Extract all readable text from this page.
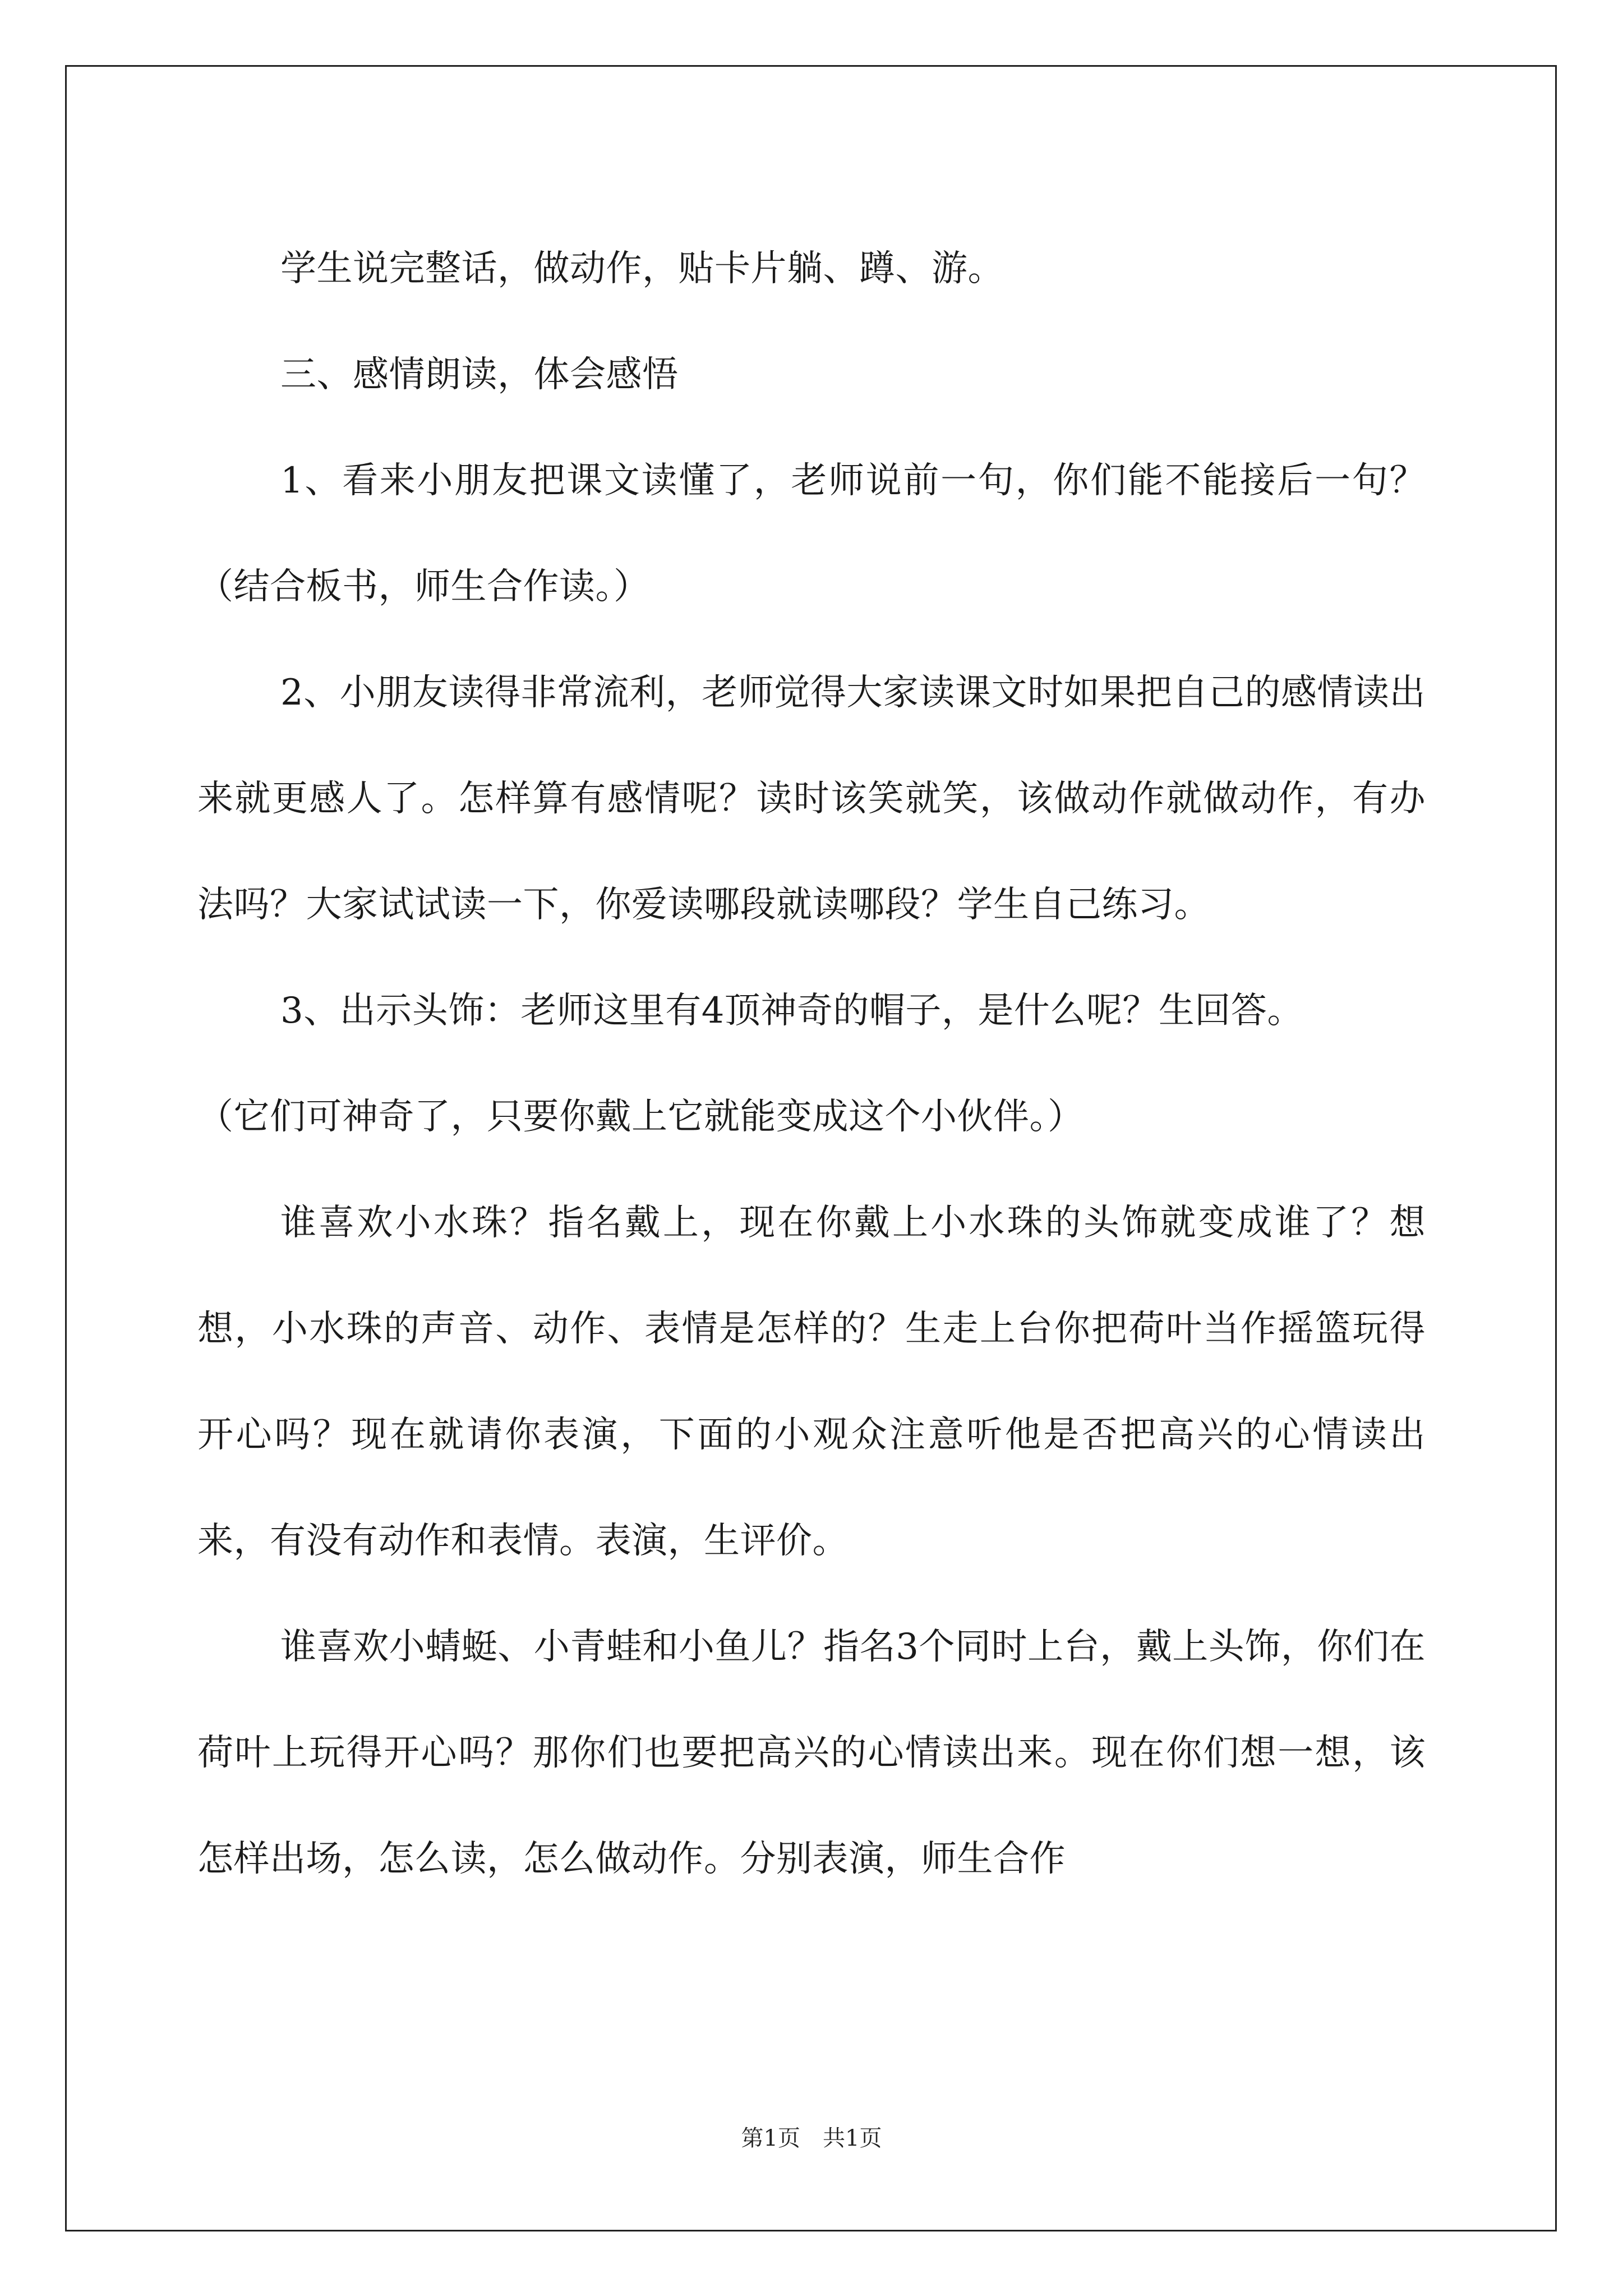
学生说完整话，做动作，贴卡片躺、蹲、游。

三、感情朗读，体会感悟

1、看来小朋友把课文读懂了，老师说前一句，你们能不能接后一句？（结合板书，师生合作读。）

2、小朋友读得非常流利，老师觉得大家读课文时如果把自己的感情读出来就更感人了。怎样算有感情呢？读时该笑就笑，该做动作就做动作，有办法吗？大家试试读一下，你爱读哪段就读哪段？学生自己练习。

3、出示头饰：老师这里有4顶神奇的帽子，是什么呢？生回答。

（它们可神奇了，只要你戴上它就能变成这个小伙伴。）

谁喜欢小水珠？指名戴上，现在你戴上小水珠的头饰就变成谁了？想想，小水珠的声音、动作、表情是怎样的？生走上台你把荷叶当作摇篮玩得开心吗？现在就请你表演，下面的小观众注意听他是否把高兴的心情读出来，有没有动作和表情。表演，生评价。

谁喜欢小蜻蜓、小青蛙和小鱼儿？指名3个同时上台，戴上头饰，你们在荷叶上玩得开心吗？那你们也要把高兴的心情读出来。现在你们想一想，该怎样出场，怎么读，怎么做动作。分别表演，师生合作

第1页　共1页
